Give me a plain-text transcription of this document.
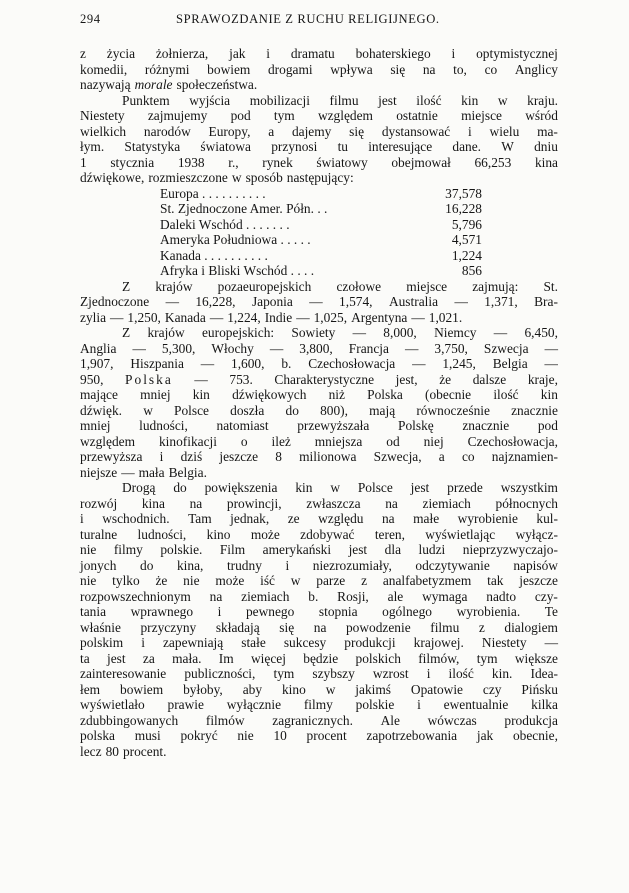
294	SPRAWOZDANIE Z RUCHU RELIGIJNEGO.
z życia żołnierza, jak i dramatu bohaterskiego i optymistycznej
komedii, różnymi bowiem drogami wpływa się na to, co Anglicy
nazywają morale społeczeństwa.
Punktem wyjścia mobilizacji filmu jest ilość kin w kraju.
Niestety zajmujemy pod tym względem ostatnie miejsce wśród
wielkich narodów Europy, a dajemy się dystansować i wielu ma-
łym. Statystyka światowa przynosi tu interesujące dane. W dniu
1 stycznia 1938 r., rynek światowy obejmował 66,253 kina
dźwiękowe, rozmieszczone w sposób następujący:
Europa . . . . . . . . . .	37,578
St. Zjednoczone Amer. Półn. . .	16,228
Daleki Wschód . . . . . . .	5,796
Ameryka Południowa . . . . .	4,571
Kanada . . . . . . . . . .	1,224
Afryka i Bliski Wschód . . . .	856
Z krajów pozaeuropejskich czołowe miejsce zajmują: St.
Zjednoczone — 16,228, Japonia — 1,574, Australia — 1,371, Bra-
zylia — 1,250, Kanada — 1,224, Indie — 1,025, Argentyna — 1,021.
Z krajów europejskich: Sowiety — 8,000, Niemcy — 6,450,
Anglia — 5,300, Włochy — 3,800, Francja — 3,750, Szwecja —
1,907, Hiszpania — 1,600, b. Czechosłowacja — 1,245, Belgia —
950, Polska — 753. Charakterystyczne jest, że dalsze kraje,
mające mniej kin dźwiękowych niż Polska (obecnie ilość kin
dźwięk. w Polsce doszła do 800), mają równocześnie znacznie
mniej ludności, natomiast przewyższała Polskę znacznie pod
względem kinofikacji o ileż mniejsza od niej Czechosłowacja,
przewyższa i dziś jeszcze 8 milionowa Szwecja, a co najznamien-
niejsze — mała Belgia.
Drogą do powiększenia kin w Polsce jest przede wszystkim
rozwój kina na prowincji, zwłaszcza na ziemiach północnych
i wschodnich. Tam jednak, ze względu na małe wyrobienie kul-
turalne ludności, kino może zdobywać teren, wyświetlając wyłącz-
nie filmy polskie. Film amerykański jest dla ludzi nieprzyzwyczajo-
jonych do kina, trudny i niezrozumiały, odczytywanie napisów
nie tylko że nie może iść w parze z analfabetyzmem tak jeszcze
rozpowszechnionym na ziemiach b. Rosji, ale wymaga nadto czy-
tania wprawnego i pewnego stopnia ogólnego wyrobienia. Te
właśnie przyczyny składają się na powodzenie filmu z dialogiem
polskim i zapewniają stałe sukcesy produkcji krajowej. Niestety —
ta jest za mała. Im więcej będzie polskich filmów, tym większe
zainteresowanie publiczności, tym szybszy wzrost i ilość kin. Idea-
łem bowiem byłoby, aby kino w jakimś Opatowie czy Pińsku
wyświetlało prawie wyłącznie filmy polskie i ewentualnie kilka
zdubbingowanych filmów zagranicznych. Ale wówczas produkcja
polska musi pokryć nie 10 procent zapotrzebowania jak obecnie,
lecz 80 procent.
